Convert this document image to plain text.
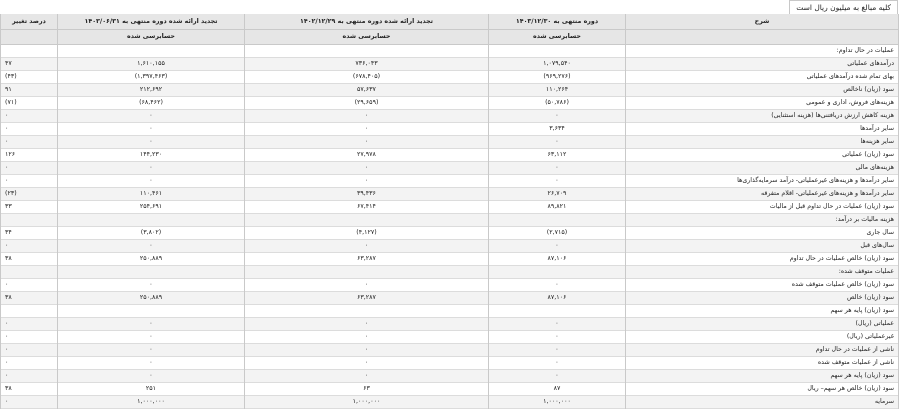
کلیه مبالغ به میلیون ریال است
شرح	دوره منتهی به ۱۴۰۳/۱۲/۳۰	تجدید ارائه شده دوره منتهی به ۱۴۰۲/۱۲/۲۹	تجدید ارائه شده دوره منتهی به ۱۴۰۳/۰۶/۳۱	درصد تغییر
	حسابرسی شده	حسابرسی شده	حسابرسی شده	
عملیات در حال تداوم:				
درآمدهای عملیاتی	۱,۰۷۹,۵۴۰	۷۳۶,۰۴۳	۱,۶۱۰,۱۵۵	۴۷
بهای تمام شده درآمدهای عملیاتی	(۹۶۹,۲۷۶)	(۶۷۸,۴۰۵)	(۱,۳۹۷,۴۶۳)	(۴۳)
سود (زیان) ناخالص	۱۱۰,۲۶۴	۵۷,۶۳۷	۲۱۲,۶۹۲	۹۱
هزینه‌های فروش، اداری و عمومی	(۵۰,۷۸۶)	(۲۹,۶۵۹)	(۶۸,۴۶۲)	(۷۱)
هزینه کاهش ارزش دریافتنی‌ها (هزینه استثنایی)	۰	۰	۰	۰
سایر درآمدها	۳,۶۳۴	۰	۰	۰
سایر هزینه‌ها	۰	۰	۰	۰
سود (زیان) عملیاتی	۶۳,۱۱۲	۲۷,۹۷۸	۱۴۴,۲۳۰	۱۲۶
هزینه‌های مالی	۰	۰	۰	۰
سایر درآمدها و هزینه‌های غیرعملیاتی- درآمد سرمایه‌گذاری‌ها	۰	۰	۰	۰
سایر درآمدها و هزینه‌های غیرعملیاتی- اقلام متفرقه	۲۶,۷۰۹	۳۹,۴۳۶	۱۱۰,۴۶۱	(۲۳)
سود (زیان) عملیات در حال تداوم قبل از مالیات	۸۹,۸۲۱	۶۷,۴۱۴	۲۵۴,۶۹۱	۳۳
هزینه مالیات بر درآمد:				
سال جاری	(۲,۷۱۵)	(۴,۱۲۷)	(۳,۸۰۲)	۳۴
سال‌های قبل	۰	۰	۰	۰
سود (زیان) خالص عملیات در حال تداوم	۸۷,۱۰۶	۶۳,۲۸۷	۲۵۰,۸۸۹	۳۸
عملیات متوقف شده:				
سود (زیان) خالص عملیات متوقف شده	۰	۰	۰	۰
سود (زیان) خالص	۸۷,۱۰۶	۶۳,۲۸۷	۲۵۰,۸۸۹	۳۸
سود (زیان) پایه هر سهم				
عملیاتی (ریال)	۰	۰	۰	۰
غیرعملیاتی (ریال)	۰	۰	۰	۰
ناشی از عملیات در حال تداوم	۰	۰	۰	۰
ناشی از عملیات متوقف شده	۰	۰	۰	۰
سود (زیان) پایه هر سهم	۰	۰	۰	۰
سود (زیان) خالص هر سهم– ریال	۸۷	۶۳	۲۵۱	۳۸
سرمایه	۱,۰۰۰,۰۰۰	۱,۰۰۰,۰۰۰	۱,۰۰۰,۰۰۰	۰
